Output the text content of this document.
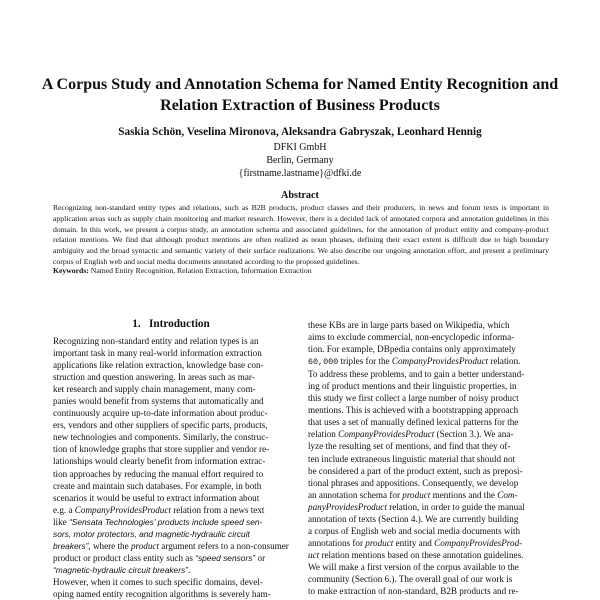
A Corpus Study and Annotation Schema for Named Entity Recognition and
Relation Extraction of Business Products
Saskia Schön, Veselina Mironova, Aleksandra Gabryszak, Leonhard Hennig
DFKI GmbH
Berlin, Germany
{firstname.lastname}@dfki.de
Abstract
Recognizing non-standard entity types and relations, such as B2B products, product classes and their producers, in news and forum texts is important in application areas such as supply chain monitoring and market research. However, there is a decided lack of annotated corpora and annotation guidelines in this domain. In this work, we present a corpus study, an annotation schema and associated guidelines, for the annotation of product entity and company-product relation mentions. We find that although product mentions are often realized as noun phrases, defining their exact extent is difficult due to high boundary ambiguity and the broad syntactic and semantic variety of their surface realizations. We also describe our ongoing annotation effort, and present a preliminary corpus of English web and social media documents annotated according to the proposed guidelines.
Keywords: Named Entity Recognition, Relation Extraction, Information Extraction
1. Introduction
Recognizing non-standard entity and relation types is an
important task in many real-world information extraction
applications like relation extraction, knowledge base con-
struction and question answering. In areas such as mar-
ket research and supply chain management, many com-
panies would benefit from systems that automatically and
continuously acquire up-to-date information about produc-
ers, vendors and other suppliers of specific parts, products,
new technologies and components. Similarly, the construc-
tion of knowledge graphs that store supplier and vendor re-
lationships would clearly benefit from information extrac-
tion approaches by reducing the manual effort required to
create and maintain such databases. For example, in both
scenarios it would be useful to extract information about
e.g. a CompanyProvidesProduct relation from a news text
like “Sensata Technologies’ products include speed sen-
sors, motor protectors, and magnetic-hydraulic circuit breakers”, where the product argument refers to a non-consumer
product or product class entity such as “speed sensors” or
“magnetic-hydraulic circuit breakers”.
However, when it comes to such specific domains, devel-
oping named entity recognition algorithms is severely ham-
these KBs are in large parts based on Wikipedia, which
aims to exclude commercial, non-encyclopedic informa-
tion. For example, DBpedia contains only approximately
60,000 triples for the CompanyProvidesProduct relation.
To address these problems, and to gain a better understand-
ing of product mentions and their linguistic properties, in
this study we first collect a large number of noisy product
mentions. This is achieved with a bootstrapping approach
that uses a set of manually defined lexical patterns for the
relation CompanyProvidesProduct (Section 3.). We ana-
lyze the resulting set of mentions, and find that they of-
ten include extraneous linguistic material that should not
be considered a part of the product extent, such as preposi-
tional phrases and appositions. Consequently, we develop
an annotation schema for product mentions and the Com-
panyProvidesProduct relation, in order to guide the manual
annotation of texts (Section 4.). We are currently building
a corpus of English web and social media documents with
annotations for product entity and CompanyProvidesProd-
uct relation mentions based on these annotation guidelines.
We will make a first version of the corpus available to the
community (Section 6.). The overall goal of our work is
to make extraction of non-standard, B2B products and re-
